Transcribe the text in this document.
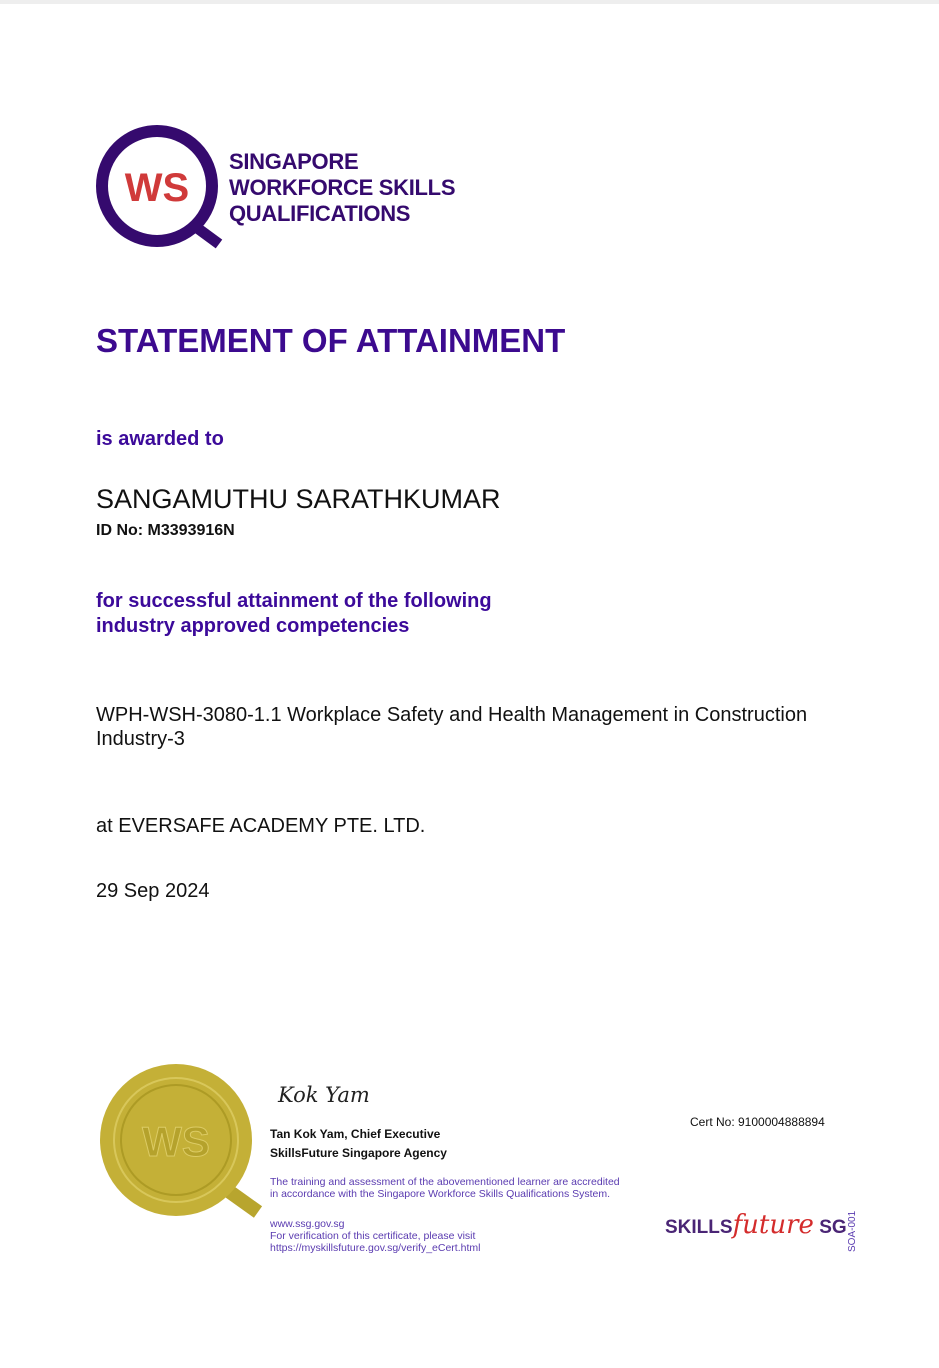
WS
SINGAPORE
WORKFORCE SKILLS
QUALIFICATIONS
STATEMENT OF ATTAINMENT
is awarded to
SANGAMUTHU SARATHKUMAR
ID No: M3393916N
for successful attainment of the following
industry approved competencies
WPH-WSH-3080-1.1 Workplace Safety and Health Management in Construction Industry-3
at EVERSAFE ACADEMY PTE. LTD.
29 Sep 2024
WS
Kok Yam
Tan Kok Yam, Chief Executive
SkillsFuture Singapore Agency
The training and assessment of the abovementioned learner are accredited
in accordance with the Singapore Workforce Skills Qualifications System.
www.ssg.gov.sg
For verification of this certificate, please visit
https://myskillsfuture.gov.sg/verify_eCert.html
Cert No: 9100004888894
SKILLSfuture SG SOA-001
